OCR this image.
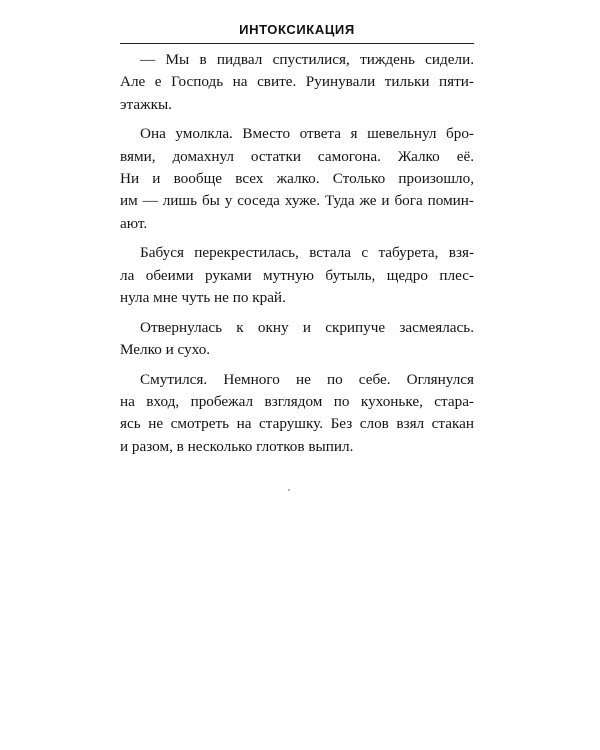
ИНТОКСИКАЦИЯ

— Мы в пидвал спустилися, тиждень сидели.
Але е Господь на свите. Руинували тильки пяти-
этажкы.

Она умолкла. Вместо ответа я шевельнул бро-
вями, домахнул остатки самогона. Жалко её.
Ни и вообще всех жалко. Столько произошло,
им — лишь бы у соседа хуже. Туда же и бога помин-
ают.

Бабуся перекрестилась, встала с табурета, взя-
ла обеими руками мутную бутыль, щедро плес-
нула мне чуть не по край.

Отвернулась к окну и скрипуче засмеялась.
Мелко и сухо.

Смутился. Немного не по себе. Оглянулся
на вход, пробежал взглядом по кухоньке, стара-
ясь не смотреть на старушку. Без слов взял стакан
и разом, в несколько глотков выпил.
